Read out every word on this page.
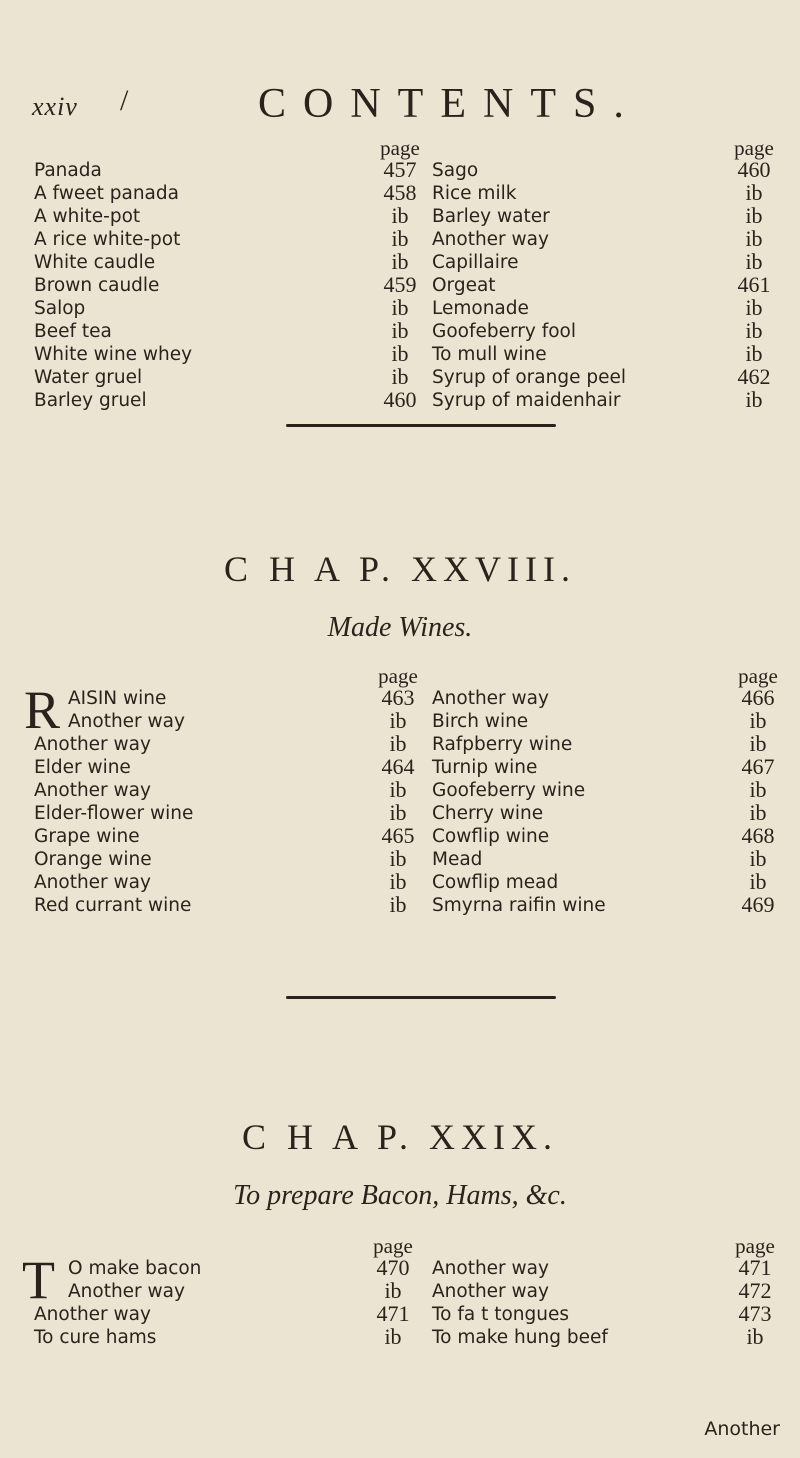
xxiv /	CONTENTS.
page	page
Panada	457 Sago	460
A fweet panada	458 Rice milk	ib
A white-pot	ib	Barley water	ib
A rice white-pot	ib	Another way	ib
White caudle	ib	Capillaire	ib
Brown caudle	459 Orgeat	461
Salop	ib	Lemonade	ib
Beef tea	ib	Goofeberry fool	ib
White wine whey	ib	To mull wine	ib
Water gruel	ib	Syrup of orange peel	462
Barley gruel	460 Syrup of maidenhair	ib
C H A P. XXVIII.
Made Wines.
page	page
AISIN wine	463 Another way	466
Another way	ib	Birch wine	ib
Another way	ib	Rafpberry wine	ib
Elder wine	464 Turnip wine	467
Another way	ib	Goofeberry wine	ib
Elder-flower wine	ib	Cherry wine	ib
Grape wine	465 Cowflip wine	468
Orange wine	ib	Mead	ib
Another way	ib	Cowflip mead	ib
Red currant wine	ib	Smyrna raifin wine	469
R
C H A P. XXIX.
To prepare Bacon, Hams, &c.
page	page
O make bacon	470	Another way	471
Another way	ib	Another way	472
Another way	471	To fa t tongues	473
To cure hams	ib	To make hung beef	ib
T
Another
